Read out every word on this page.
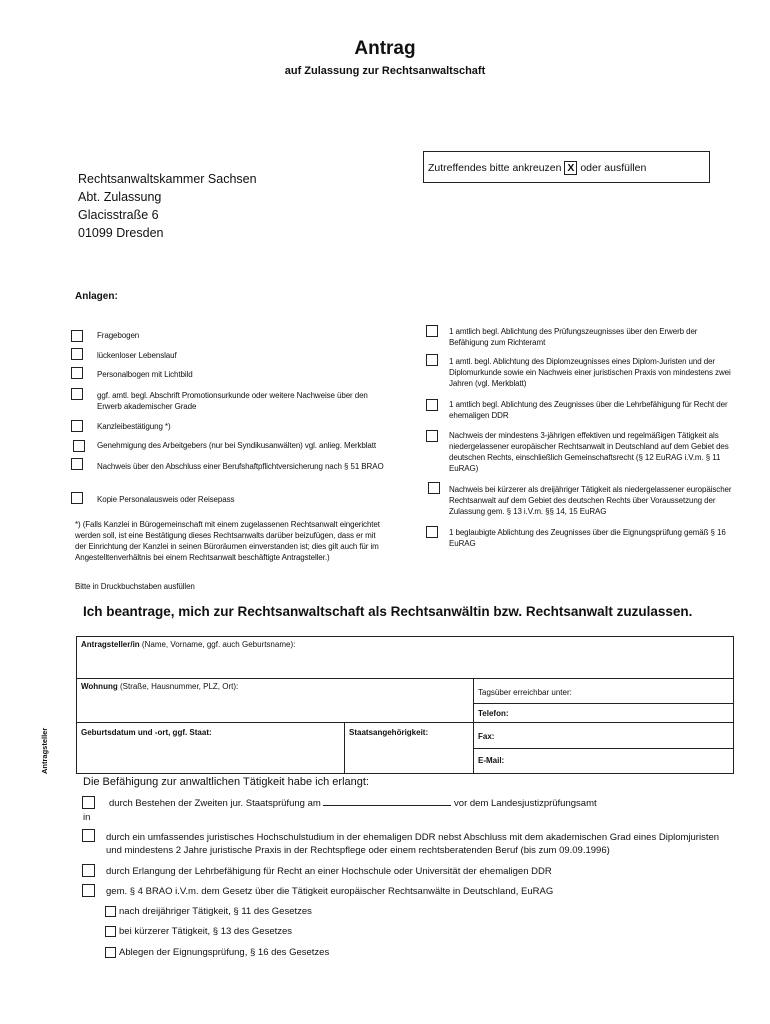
Antrag
auf Zulassung zur Rechtsanwaltschaft
Rechtsanwaltskammer Sachsen
Abt. Zulassung
Glacisstraße 6
01099 Dresden
Zutreffendes bitte ankreuzen X oder ausfüllen
Anlagen:
Fragebogen
lückenloser Lebenslauf
Personalbogen mit Lichtbild
ggf. amtl. begl. Abschrift Promotionsurkunde oder weitere Nachweise über den Erwerb akademischer Grade
Kanzleibestätigung *)
Genehmigung des Arbeitgebers (nur bei Syndikusanwälten) vgl. anlieg. Merkblatt
Nachweis über den Abschluss einer Berufshaftpflichtversicherung nach § 51 BRAO
Kopie Personalausweis oder Reisepass
*) (Falls Kanzlei in Bürogemeinschaft mit einem zugelassenen Rechtsanwalt eingerichtet werden soll, ist eine Bestätigung dieses Rechtsanwalts darüber beizufügen, dass er mit der Einrichtung der Kanzlei in seinen Büroräumen einverstanden ist; dies gilt auch für im Angestelltenverhältnis bei einem Rechtsanwalt beschäftigte Antragsteller.)
1 amtlich begl. Ablichtung des Prüfungszeugnisses über den Erwerb der Befähigung zum Richteramt
1 amtl. begl. Ablichtung des Diplomzeugnisses eines Diplom-Juristen und der Diplomurkunde sowie ein Nachweis einer juristischen Praxis von mindestens zwei Jahren (vgl. Merkblatt)
1 amtlich begl. Ablichtung des Zeugnisses über die Lehrbefähigung für Recht der ehemaligen DDR
Nachweis der mindestens 3-jährigen effektiven und regelmäßigen Tätigkeit als niedergelassener europäischer Rechtsanwalt in Deutschland auf dem Gebiet des deutschen Rechts, einschließlich Gemeinschaftsrecht (§ 12 EuRAG i.V.m. § 11 EuRAG)
Nachweis bei kürzerer als dreijähriger Tätigkeit als niedergelassener europäischer Rechtsanwalt auf dem Gebiet des deutschen Rechts über Voraussetzung der Zulassung gem. § 13 i.V.m. §§ 14, 15 EuRAG
1 beglaubigte Ablichtung des Zeugnisses über die Eignungsprüfung gemäß § 16 EuRAG
Bitte in Druckbuchstaben ausfüllen
Ich beantrage, mich zur Rechtsanwaltschaft als Rechtsanwältin bzw. Rechtsanwalt zuzulassen.
Antragsteller/in (Name, Vorname, ggf. auch Geburtsname):
Wohnung (Straße, Hausnummer, PLZ, Ort):
Tagsüber erreichbar unter:
Telefon:
Geburtsdatum und -ort, ggf. Staat:	Staatsangehörigkeit:	Fax:
E-Mail:
Antragsteller
Die Befähigung zur anwaltlichen Tätigkeit habe ich erlangt:
durch Bestehen der Zweiten jur. Staatsprüfung am	vor dem Landesjustizprüfungsamt
in
durch ein umfassendes juristisches Hochschulstudium in der ehemaligen DDR nebst Abschluss mit dem akademischen Grad eines Diplomjuristen und mindestens 2 Jahre juristische Praxis in der Rechtspflege oder einem rechtsberatenden Beruf (bis zum 09.09.1996)
durch Erlangung der Lehrbefähigung für Recht an einer Hochschule oder Universität der ehemaligen DDR
gem. § 4 BRAO i.V.m. dem Gesetz über die Tätigkeit europäischer Rechtsanwälte in Deutschland, EuRAG
nach dreijähriger Tätigkeit, § 11 des Gesetzes
bei kürzerer Tätigkeit, § 13 des Gesetzes
Ablegen der Eignungsprüfung, § 16 des Gesetzes
